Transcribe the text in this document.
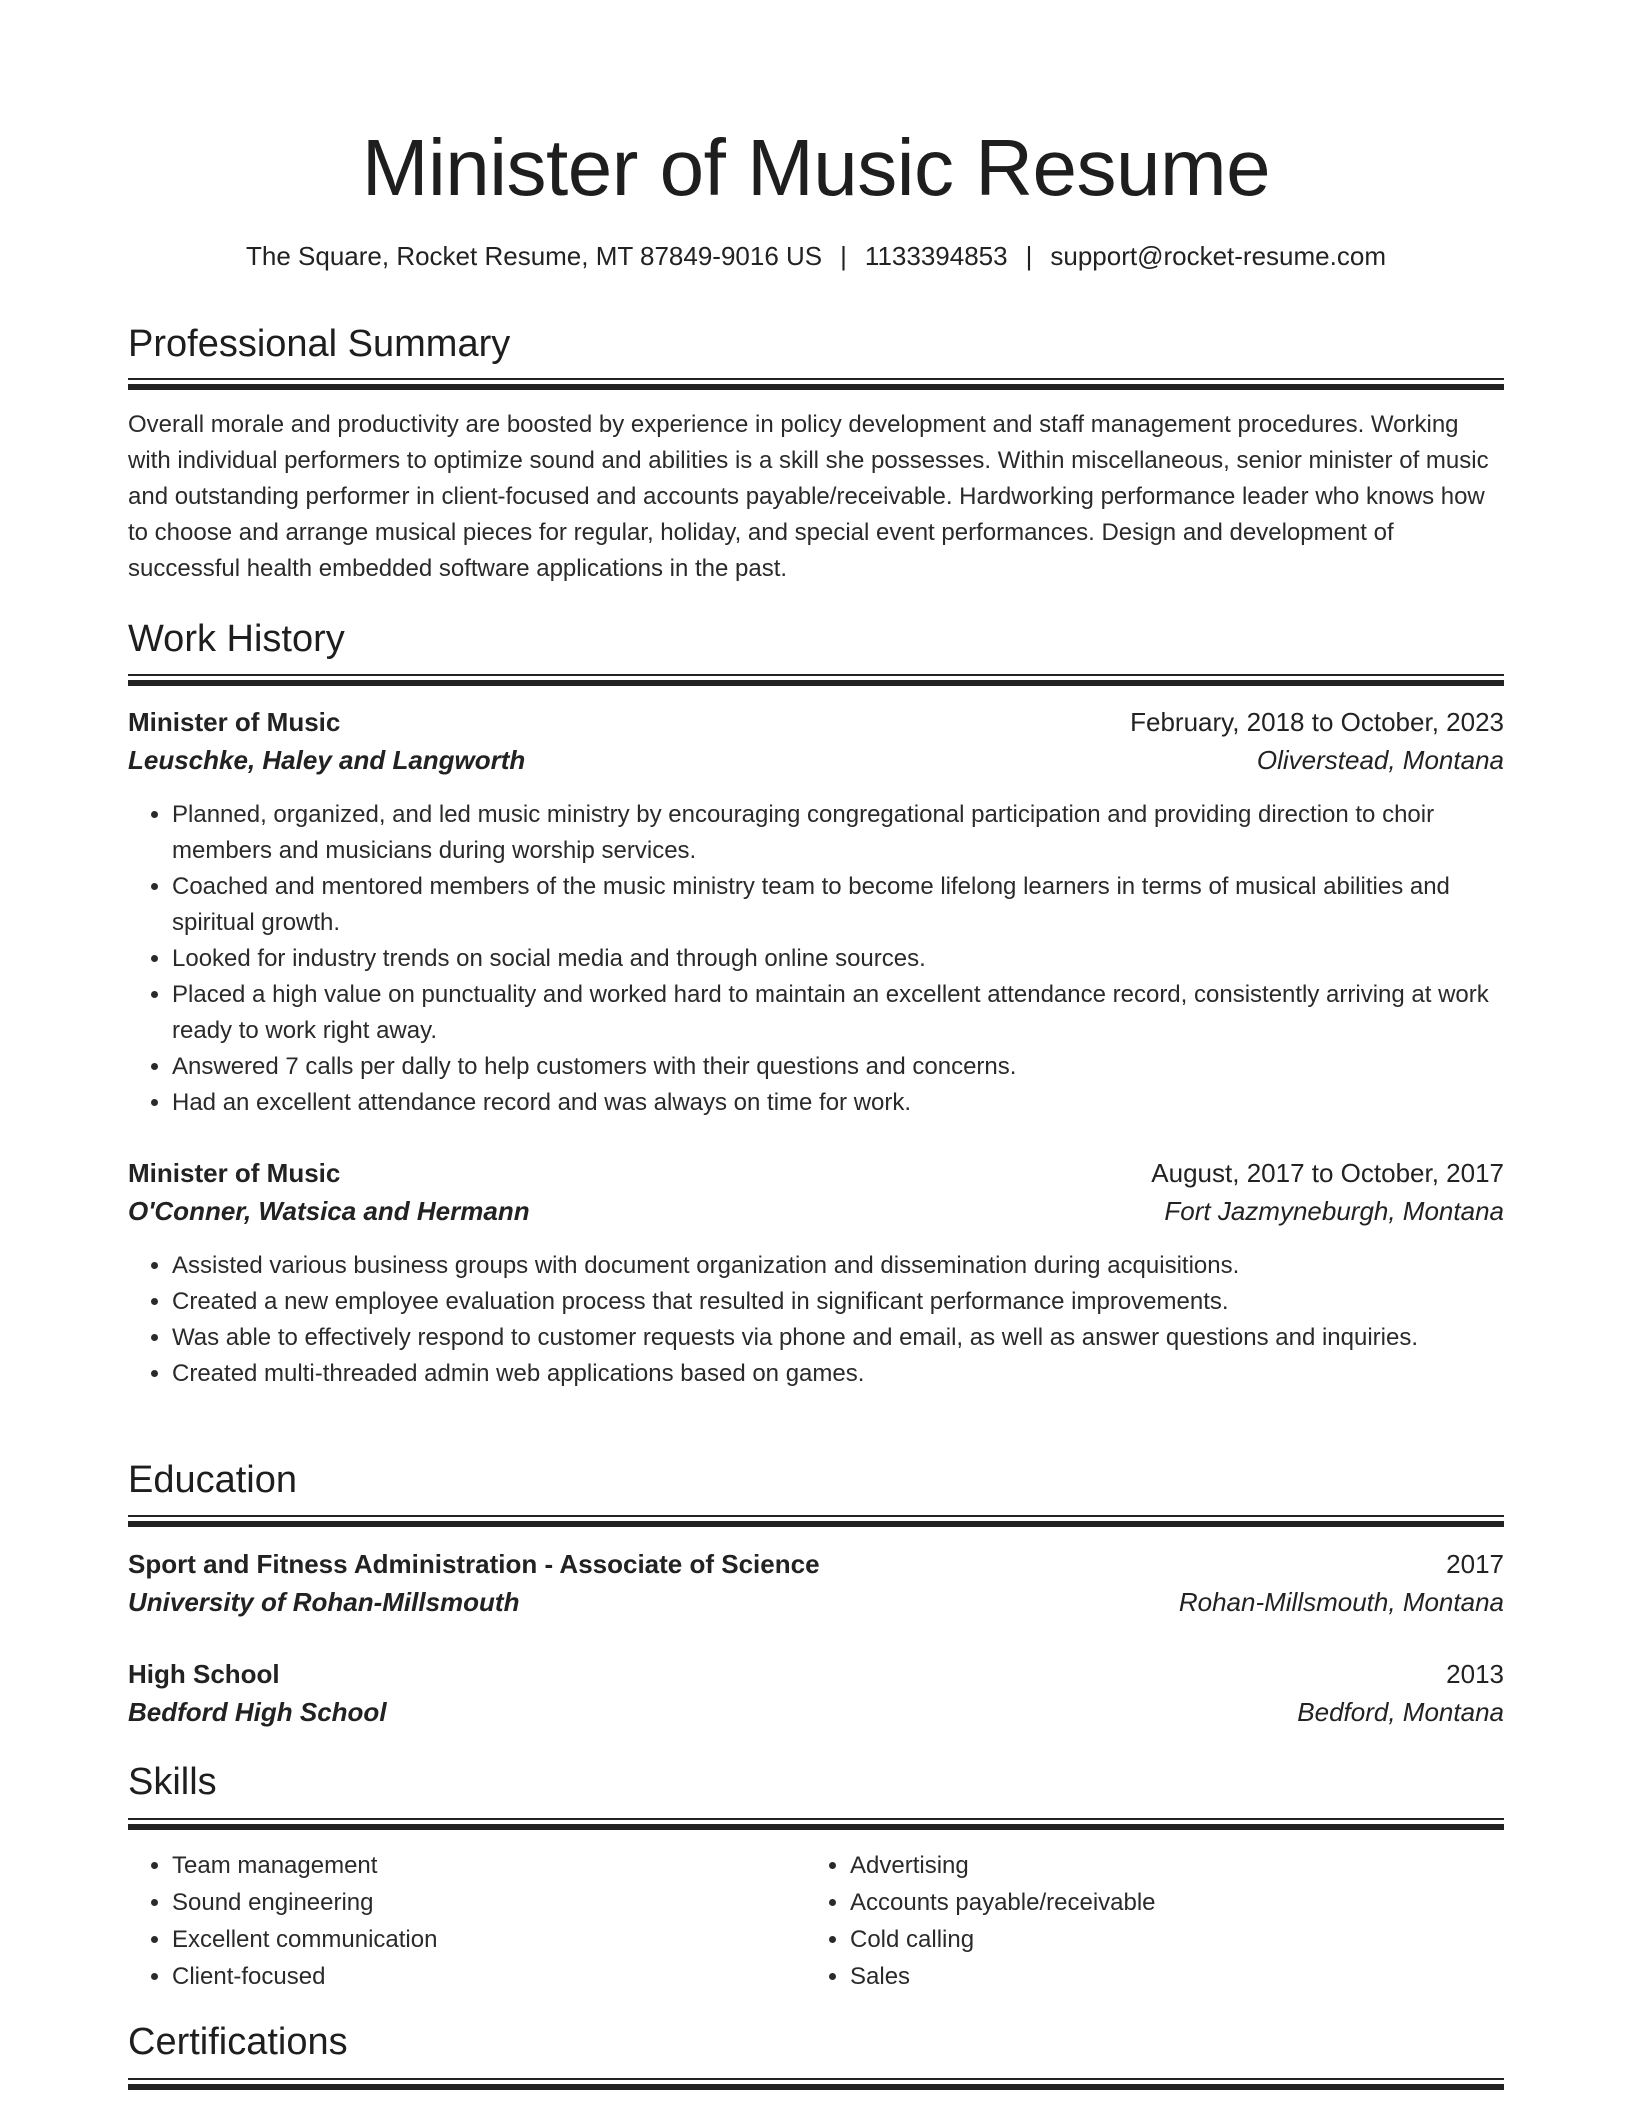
Minister of Music Resume
The Square, Rocket Resume, MT 87849-9016 US | 1133394853 | support@rocket-resume.com
Professional Summary

Overall morale and productivity are boosted by experience in policy development and staff management procedures. Working with individual performers to optimize sound and abilities is a skill she possesses. Within miscellaneous, senior minister of music and outstanding performer in client-focused and accounts payable/receivable. Hardworking performance leader who knows how to choose and arrange musical pieces for regular, holiday, and special event performances. Design and development of successful health embedded software applications in the past.

Work History
Minister of Music	February, 2018 to October, 2023
Leuschke, Haley and Langworth	Oliverstead, Montana
• Planned, organized, and led music ministry by encouraging congregational participation and providing direction to choir members and musicians during worship services.
• Coached and mentored members of the music ministry team to become lifelong learners in terms of musical abilities and spiritual growth.
• Looked for industry trends on social media and through online sources.
• Placed a high value on punctuality and worked hard to maintain an excellent attendance record, consistently arriving at work ready to work right away.
• Answered 7 calls per dally to help customers with their questions and concerns.
• Had an excellent attendance record and was always on time for work.
Minister of Music	August, 2017 to October, 2017
O'Conner, Watsica and Hermann	Fort Jazmyneburgh, Montana
• Assisted various business groups with document organization and dissemination during acquisitions.
• Created a new employee evaluation process that resulted in significant performance improvements.
• Was able to effectively respond to customer requests via phone and email, as well as answer questions and inquiries.
• Created multi-threaded admin web applications based on games.
Education
Sport and Fitness Administration - Associate of Science	2017
University of Rohan-Millsmouth	Rohan-Millsmouth, Montana
High School	2013
Bedford High School	Bedford, Montana
Skills
• Team management
• Sound engineering
• Excellent communication
• Client-focused
• Advertising
• Accounts payable/receivable
• Cold calling
• Sales
Certifications
